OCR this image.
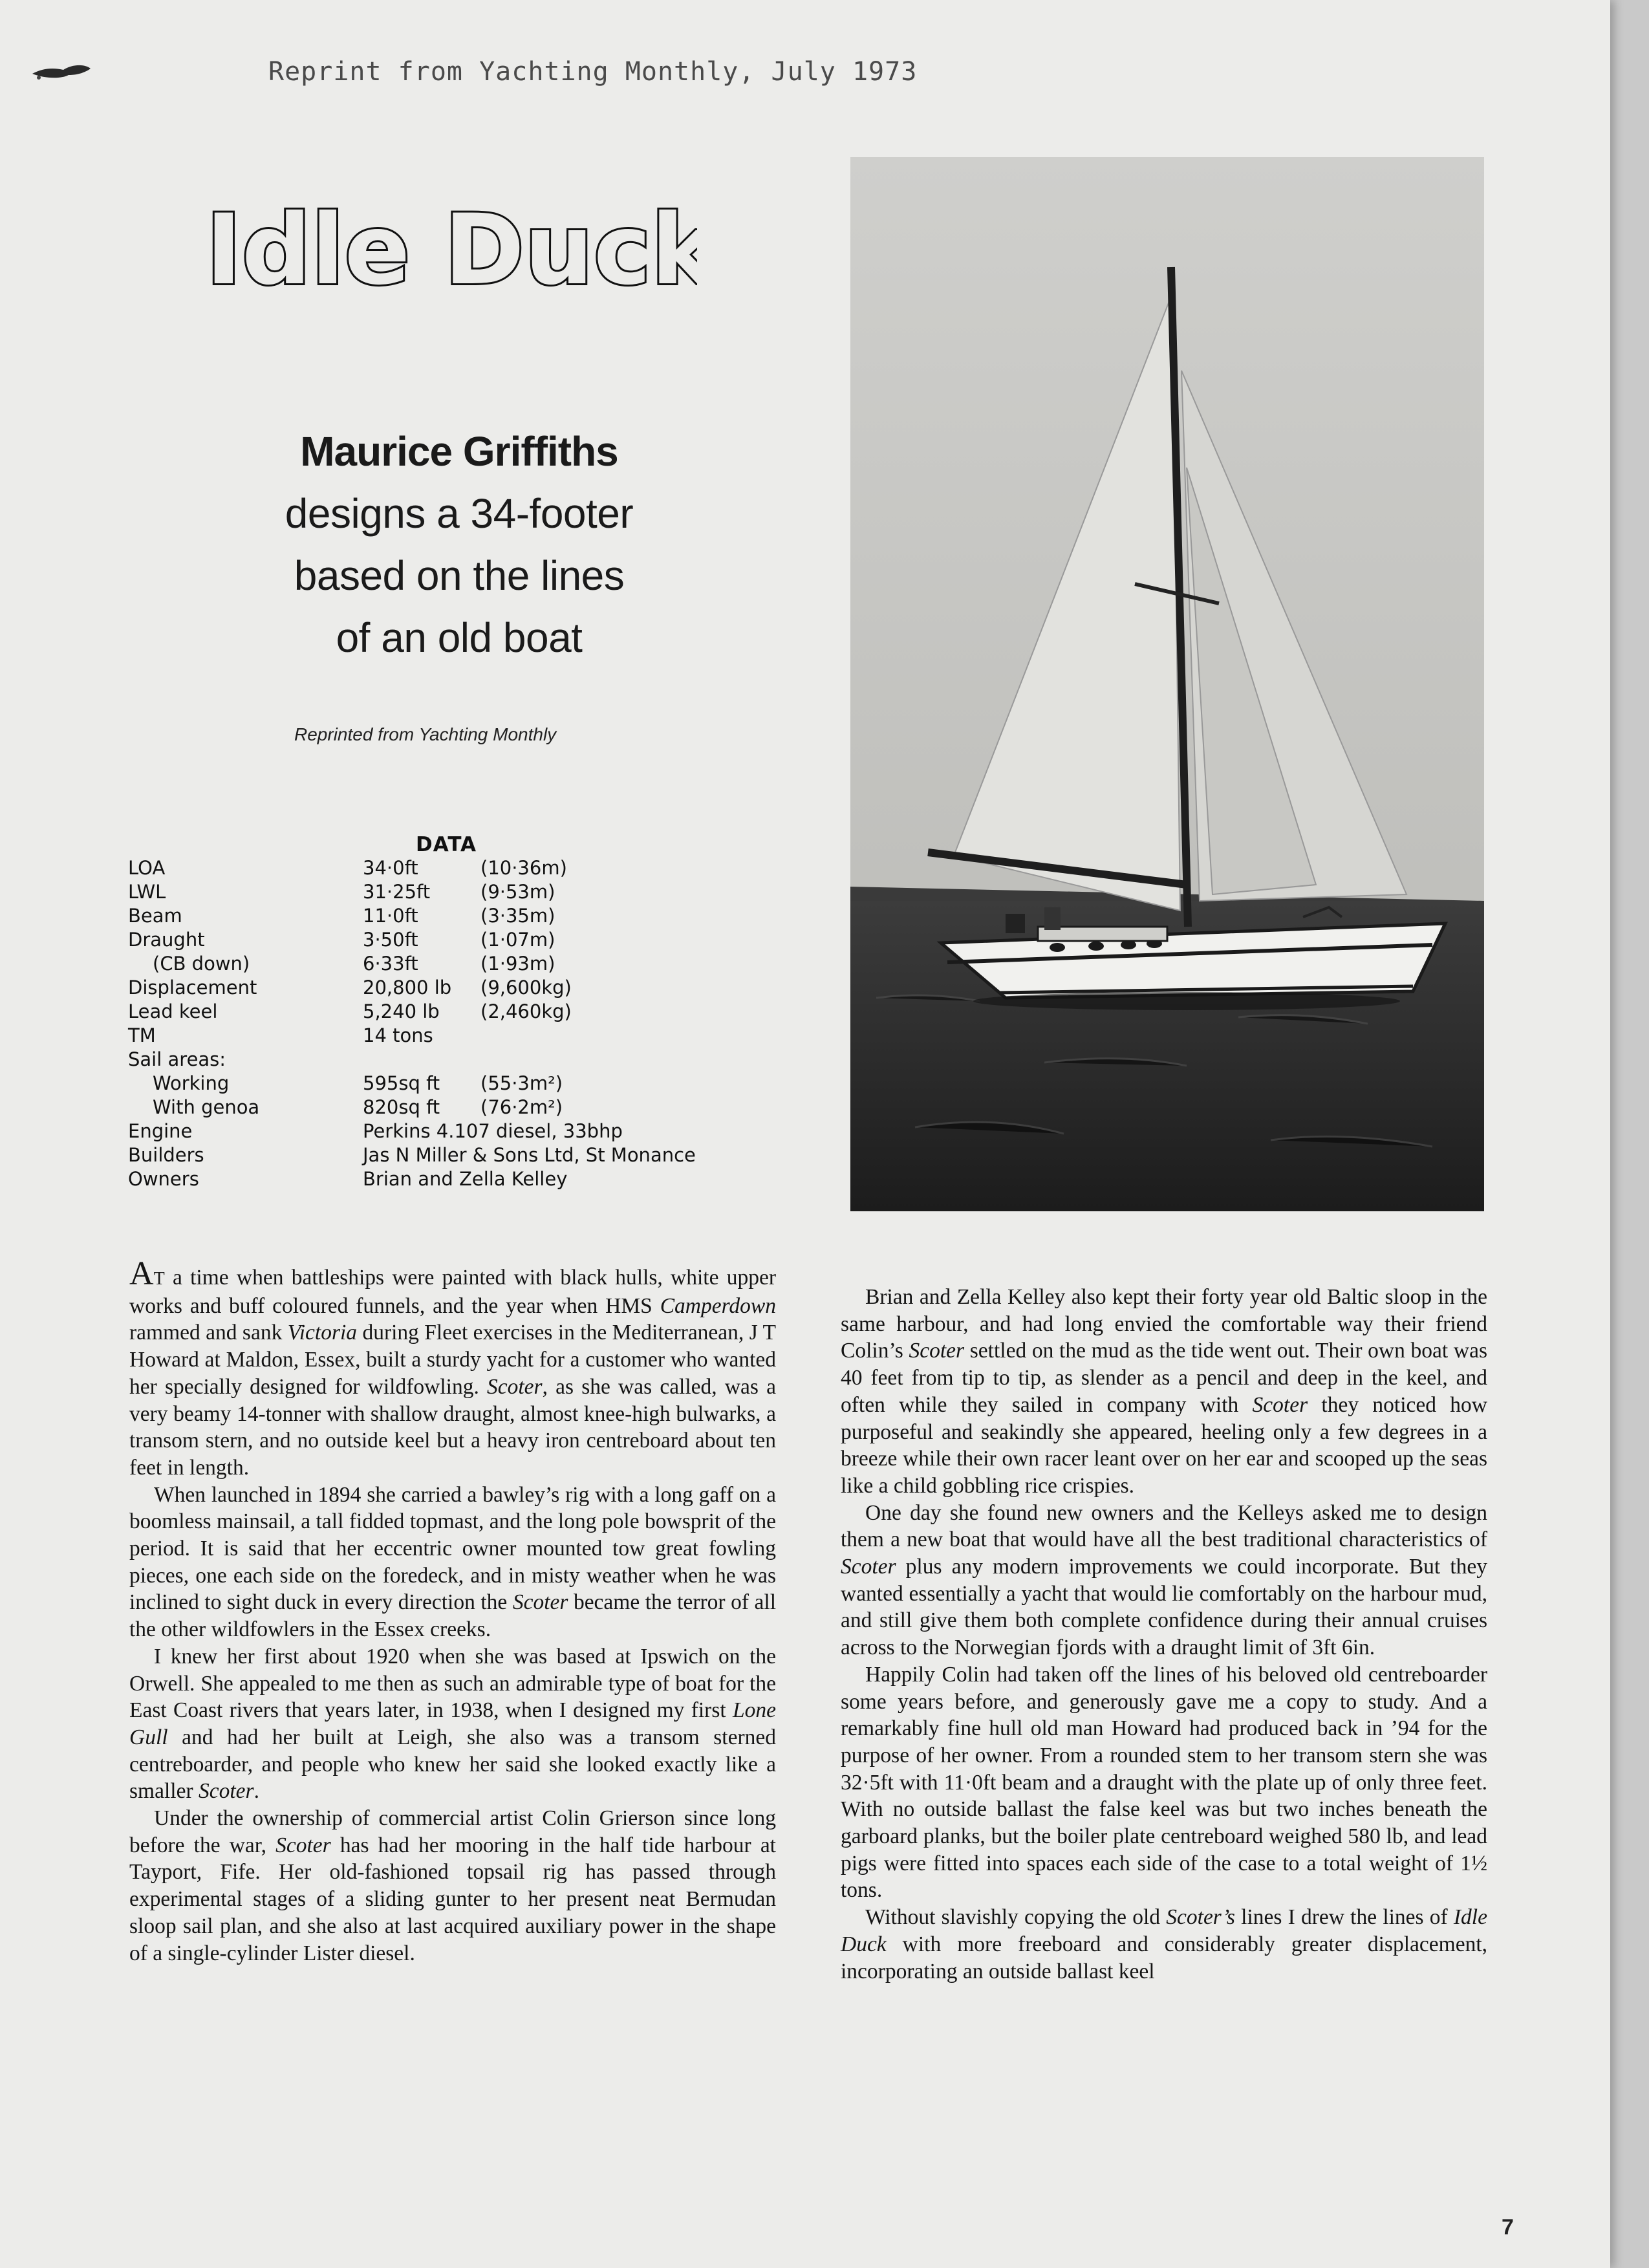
Reprint from Yachting Monthly, July 1973
Idle Duck
Maurice Griffiths
designs a 34-footer
based on the lines
of an old boat
Reprinted from Yachting Monthly
DATA
LOA	34·0ft	(10·36m)
LWL	31·25ft	(9·53m)
Beam	11·0ft	(3·35m)
Draught	3·50ft	(1·07m)
(CB down)	6·33ft	(1·93m)
Displacement	20,800 lb (9,600kg)
Lead keel	5,240 lb (2,460kg)
TM	14 tons
Sail areas:
Working	595sq ft (55·3m²)
With genoa	820sq ft (76·2m²)
Engine	Perkins 4.107 diesel, 33bhp
Builders	Jas N Miller & Sons Ltd, St Monance
Owners	Brian and Zella Kelley

AT a time when battleships were painted with black hulls, white upper works and buff coloured funnels, and the year when HMS Camperdown rammed and sank Victoria during Fleet exercises in the Mediterranean, J T Howard at Maldon, Essex, built a sturdy yacht for a customer who wanted her specially designed for wildfowling. Scoter, as she was called, was a very beamy 14-tonner with shallow draught, almost knee-high bulwarks, a transom stern, and no outside keel but a heavy iron centreboard about ten feet in length.

When launched in 1894 she carried a bawley’s rig with a long gaff on a boomless mainsail, a tall fidded topmast, and the long pole bowsprit of the period. It is said that her eccentric owner mounted tow great fowling pieces, one each side on the foredeck, and in misty weather when he was inclined to sight duck in every direction the Scoter became the terror of all the other wildfowlers in the Essex creeks.

I knew her first about 1920 when she was based at Ipswich on the Orwell. She appealed to me then as such an admirable type of boat for the East Coast rivers that years later, in 1938, when I designed my first Lone Gull and had her built at Leigh, she also was a transom sterned centreboarder, and people who knew her said she looked exactly like a smaller Scoter.

Under the ownership of commercial artist Colin Grierson since long before the war, Scoter has had her mooring in the half tide harbour at Tayport, Fife. Her old-fashioned topsail rig has passed through experimental stages of a sliding gunter to her present neat Bermudan sloop sail plan, and she also at last acquired auxiliary power in the shape of a single-cylinder Lister diesel.

Brian and Zella Kelley also kept their forty year old Baltic sloop in the same harbour, and had long envied the comfortable way their friend Colin’s Scoter settled on the mud as the tide went out. Their own boat was 40 feet from tip to tip, as slender as a pencil and deep in the keel, and often while they sailed in company with Scoter they noticed how purposeful and seakindly she appeared, heeling only a few degrees in a breeze while their own racer leant over on her ear and scooped up the seas like a child gobbling rice crispies.

One day she found new owners and the Kelleys asked me to design them a new boat that would have all the best traditional characteristics of Scoter plus any modern improvements we could incorporate. But they wanted essentially a yacht that would lie comfortably on the harbour mud, and still give them both complete confidence during their annual cruises across to the Norwegian fjords with a draught limit of 3ft 6in.

Happily Colin had taken off the lines of his beloved old centreboarder some years before, and generously gave me a copy to study. And a remarkably fine hull old man Howard had produced back in ’94 for the purpose of her owner. From a rounded stem to her transom stern she was 32·5ft with 11·0ft beam and a draught with the plate up of only three feet. With no outside ballast the false keel was but two inches beneath the garboard planks, but the boiler plate centreboard weighed 580 lb, and lead pigs were fitted into spaces each side of the case to a total weight of 1½ tons.

Without slavishly copying the old Scoter’s lines I drew the lines of Idle Duck with more freeboard and considerably greater displacement, incorporating an outside ballast keel

7
